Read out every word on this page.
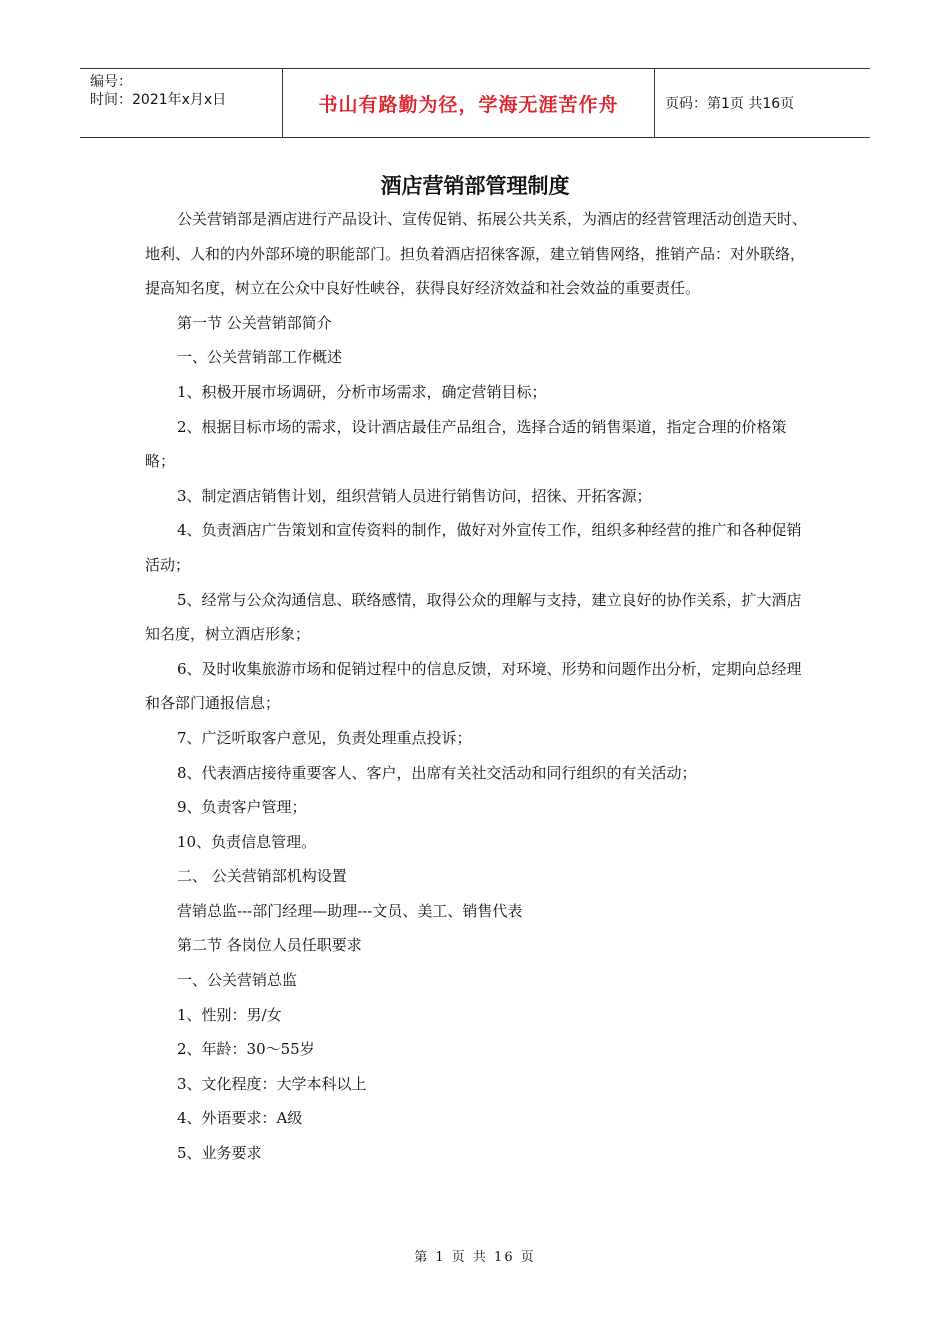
编号：
时间：2021年x月x日	书山有路勤为径，学海无涯苦作舟	页码：第1页 共16页
酒店营销部管理制度

公关营销部是酒店进行产品设计、宣传促销、拓展公共关系，为酒店的经营管理活动创造天时、地利、人和的内外部环境的职能部门。担负着酒店招徕客源，建立销售网络，推销产品：对外联络，提高知名度，树立在公众中良好性峡谷，获得良好经济效益和社会效益的重要责任。

第一节 公关营销部简介

一、公关营销部工作概述

1、积极开展市场调研，分析市场需求，确定营销目标；

2、根据目标市场的需求，设计酒店最佳产品组合，选择合适的销售渠道，指定合理的价格策略；

3、制定酒店销售计划，组织营销人员进行销售访问，招徕、开拓客源；

4、负责酒店广告策划和宣传资料的制作，做好对外宣传工作，组织多种经营的推广和各种促销活动；

5、经常与公众沟通信息、联络感情，取得公众的理解与支持，建立良好的协作关系，扩大酒店知名度，树立酒店形象；

6、及时收集旅游市场和促销过程中的信息反馈，对环境、形势和问题作出分析，定期向总经理和各部门通报信息；

7、广泛听取客户意见，负责处理重点投诉；

8、代表酒店接待重要客人、客户，出席有关社交活动和同行组织的有关活动；

9、负责客户管理；

10、负责信息管理。

二、 公关营销部机构设置

营销总监---部门经理—助理---文员、美工、销售代表

第二节 各岗位人员任职要求

一、公关营销总监

1、性别：男/女

2、年龄：30～55岁

3、文化程度：大学本科以上

4、外语要求：A级

5、业务要求

第 1 页 共 16 页
